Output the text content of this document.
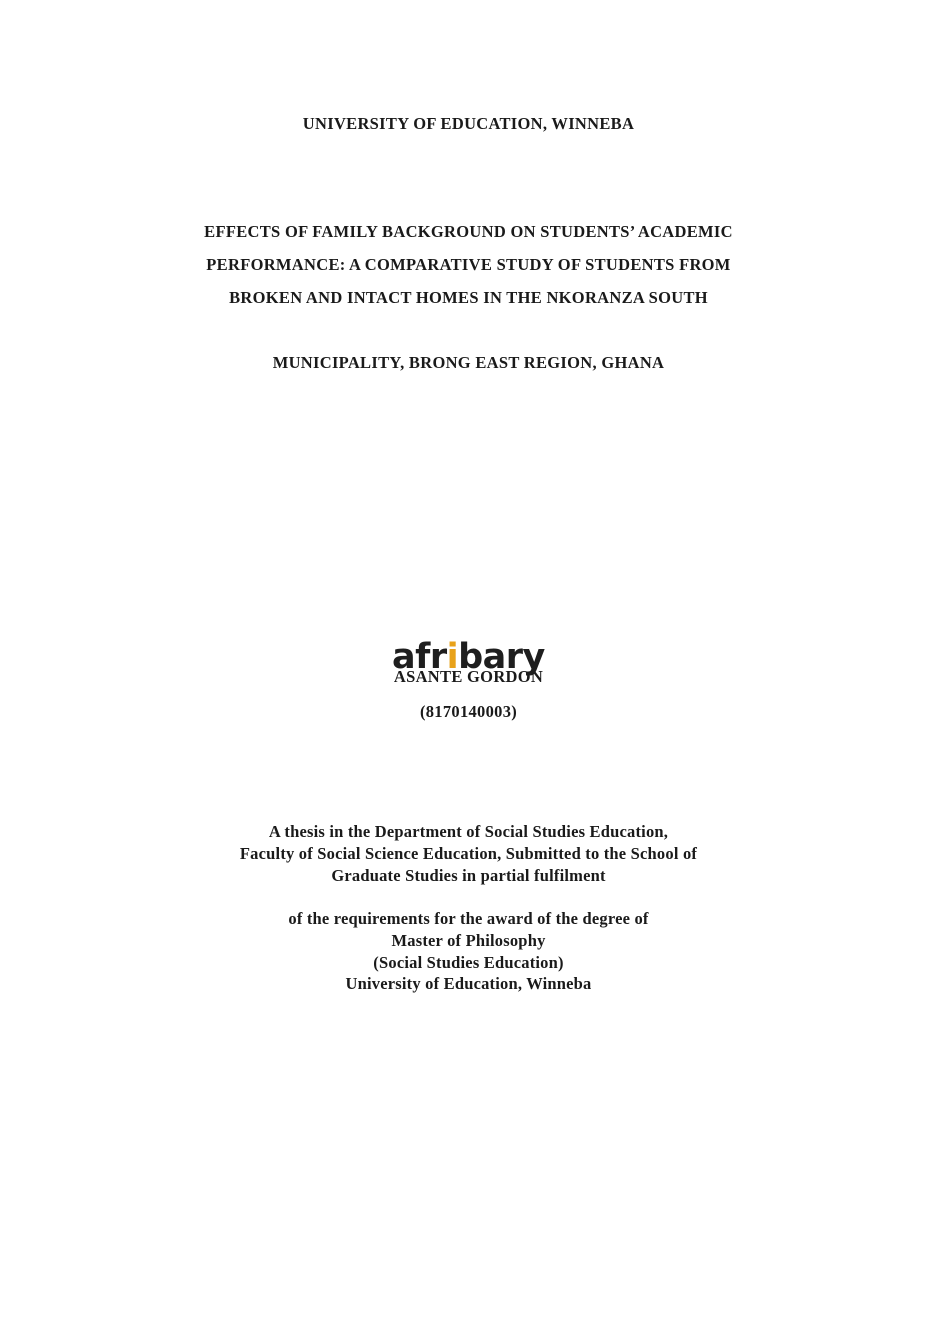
UNIVERSITY OF EDUCATION, WINNEBA
EFFECTS OF FAMILY BACKGROUND ON STUDENTS’ ACADEMIC
PERFORMANCE: A COMPARATIVE STUDY OF STUDENTS FROM
BROKEN AND INTACT HOMES IN THE NKORANZA SOUTH
MUNICIPALITY, BRONG EAST REGION, GHANA
ASANTE GORDON
(8170140003)
A thesis in the Department of Social Studies Education,
Faculty of Social Science Education, Submitted to the School of
Graduate Studies in partial fulfilment
of the requirements for the award of the degree of
Master of Philosophy
(Social Studies Education)
University of Education, Winneba
afribary
